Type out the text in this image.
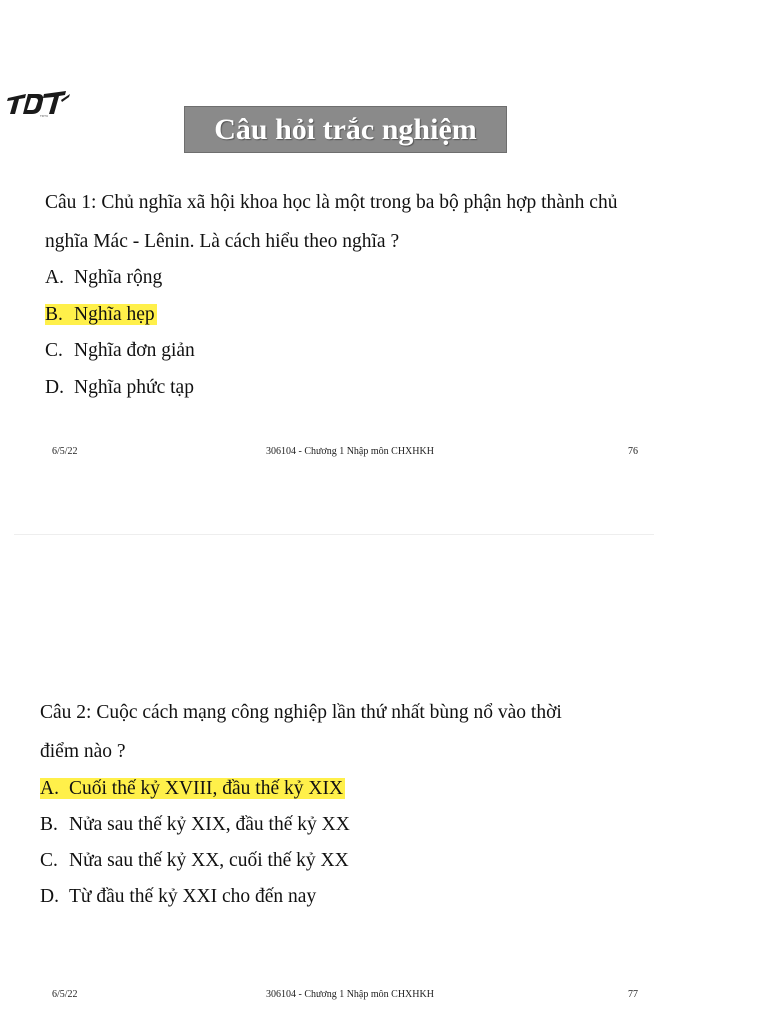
TDTU	Câu hỏi trắc nghiệm

Câu 1: Chủ nghĩa xã hội khoa học là một trong ba bộ phận hợp thành chủ

nghĩa Mác - Lênin. Là cách hiểu theo nghĩa ?

A. Nghĩa rộng
B. Nghĩa hẹp
C. Nghĩa đơn giản
D. Nghĩa phức tạp
6/5/22	306104 - Chương 1 Nhập môn CHXHKH	76

Câu 2: Cuộc cách mạng công nghiệp lần thứ nhất bùng nổ vào thời

điểm nào ?

A. Cuối thế kỷ XVIII, đầu thế kỷ XIX
B. Nửa sau thế kỷ XIX, đầu thế kỷ XX
C. Nửa sau thế kỷ XX, cuối thế kỷ XX
D. Từ đầu thế kỷ XXI cho đến nay
6/5/22	306104 - Chương 1 Nhập môn CHXHKH	77
